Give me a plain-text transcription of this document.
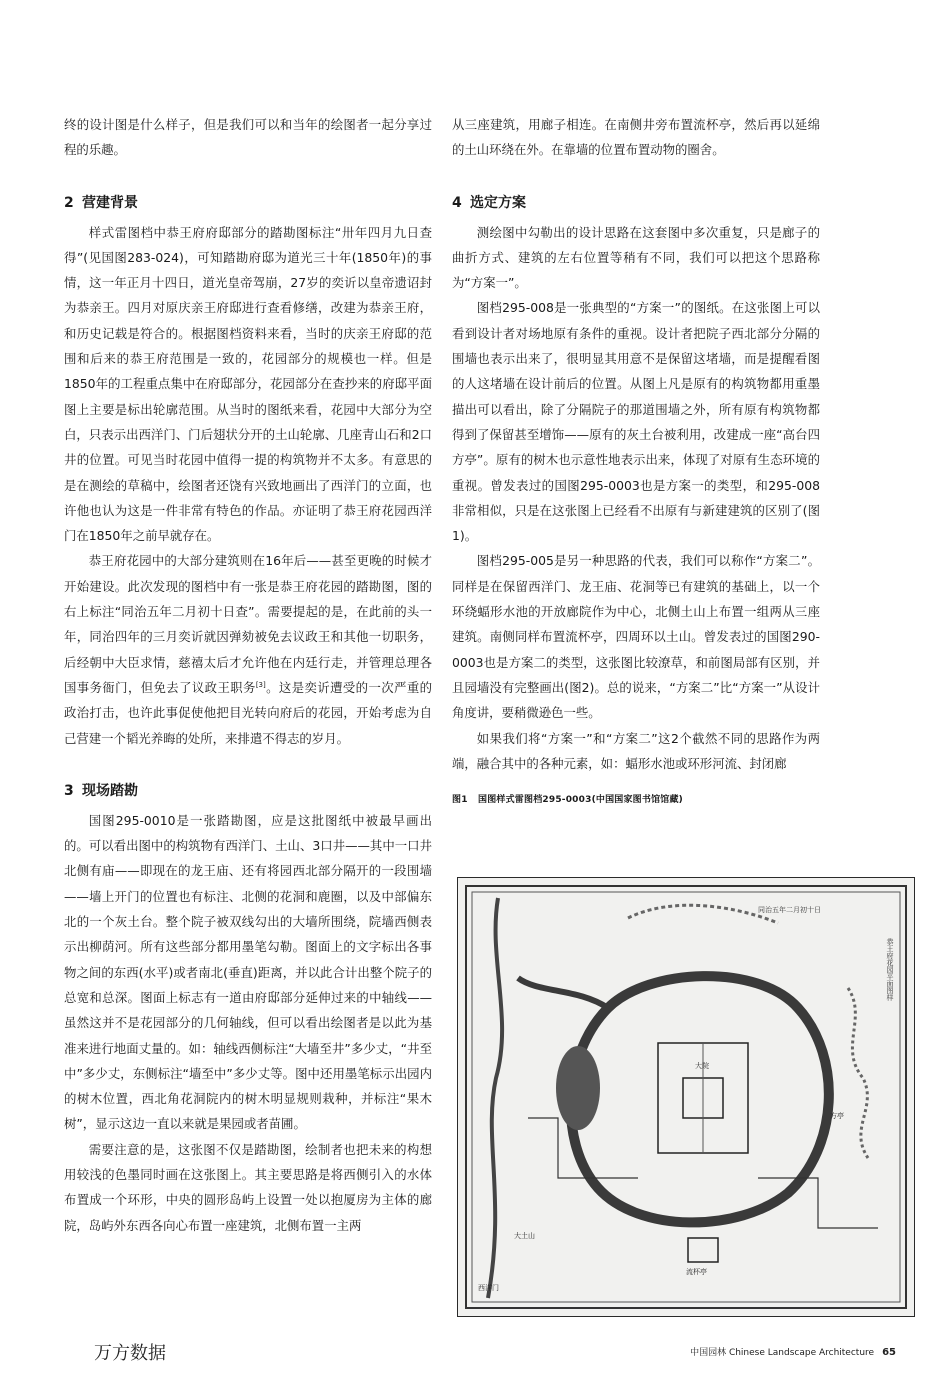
终的设计图是什么样子，但是我们可以和当年的绘图者一起分享过程的乐趣。

2 营建背景

样式雷图档中恭王府府邸部分的踏勘图标注“卅年四月九日查得”(见国图283-024)，可知踏勘府邸为道光三十年(1850年)的事情，这一年正月十四日，道光皇帝驾崩，27岁的奕䜣以皇帝遗诏封为恭亲王。四月对原庆亲王府邸进行查看修缮，改建为恭亲王府，和历史记载是符合的。根据图档资料来看，当时的庆亲王府邸的范围和后来的恭王府范围是一致的，花园部分的规模也一样。但是1850年的工程重点集中在府邸部分，花园部分在查抄来的府邸平面图上主要是标出轮廓范围。从当时的图纸来看，花园中大部分为空白，只表示出西洋门、门后翅状分开的土山轮廓、几座青山石和2口井的位置。可见当时花园中值得一提的构筑物并不太多。有意思的是在测绘的草稿中，绘图者还饶有兴致地画出了西洋门的立面，也许他也认为这是一件非常有特色的作品。亦证明了恭王府花园西洋门在1850年之前早就存在。

恭王府花园中的大部分建筑则在16年后——甚至更晚的时候才开始建设。此次发现的图档中有一张是恭王府花园的踏勘图，图的右上标注“同治五年二月初十日查”。需要提起的是，在此前的头一年，同治四年的三月奕䜣就因弹劾被免去议政王和其他一切职务，后经朝中大臣求情，慈禧太后才允许他在内廷行走，并管理总理各国事务衙门，但免去了议政王职务[3]。这是奕䜣遭受的一次严重的政治打击，也许此事促使他把目光转向府后的花园，开始考虑为自己营建一个韬光养晦的处所，来排遣不得志的岁月。

3 现场踏勘

国图295-0010是一张踏勘图，应是这批图纸中被最早画出的。可以看出图中的构筑物有西洋门、土山、3口井——其中一口井北侧有庙——即现在的龙王庙、还有将园西北部分隔开的一段围墙——墙上开门的位置也有标注、北侧的花洞和鹿圈，以及中部偏东北的一个灰土台。整个院子被双线勾出的大墙所围绕，院墙西侧表示出柳荫河。所有这些部分都用墨笔勾勒。图面上的文字标出各事物之间的东西(水平)或者南北(垂直)距离，并以此合计出整个院子的总宽和总深。图面上标志有一道由府邸部分延伸过来的中轴线——虽然这并不是花园部分的几何轴线，但可以看出绘图者是以此为基准来进行地面丈量的。如：轴线西侧标注“大墙至井”多少丈，“井至中”多少丈，东侧标注“墙至中”多少丈等。图中还用墨笔标示出园内的树木位置，西北角花洞院内的树木明显规则栽种，并标注“果木树”，显示这边一直以来就是果园或者苗圃。

需要注意的是，这张图不仅是踏勘图，绘制者也把未来的构想用较浅的色墨同时画在这张图上。其主要思路是将西侧引入的水体布置成一个环形，中央的圆形岛屿上设置一处以抱厦房为主体的廊院，岛屿外东西各向心布置一座建筑，北侧布置一主两

从三座建筑，用廊子相连。在南侧井旁布置流杯亭，然后再以延绵的土山环绕在外。在靠墙的位置布置动物的圈舍。

4 选定方案

测绘图中勾勒出的设计思路在这套图中多次重复，只是廊子的曲折方式、建筑的左右位置等稍有不同，我们可以把这个思路称为“方案一”。

图档295-008是一张典型的“方案一”的图纸。在这张图上可以看到设计者对场地原有条件的重视。设计者把院子西北部分分隔的围墙也表示出来了，很明显其用意不是保留这堵墙，而是提醒看图的人这堵墙在设计前后的位置。从图上凡是原有的构筑物都用重墨描出可以看出，除了分隔院子的那道围墙之外，所有原有构筑物都得到了保留甚至增饰——原有的灰土台被利用，改建成一座“高台四方亭”。原有的树木也示意性地表示出来，体现了对原有生态环境的重视。曾发表过的国图295-0003也是方案一的类型，和295-008非常相似，只是在这张图上已经看不出原有与新建建筑的区别了(图1)。

图档295-005是另一种思路的代表，我们可以称作“方案二”。同样是在保留西洋门、龙王庙、花洞等已有建筑的基础上，以一个环绕蝠形水池的开放廊院作为中心，北侧土山上布置一组两从三座建筑。南侧同样布置流杯亭，四周环以土山。曾发表过的国图290-0003也是方案二的类型，这张图比较潦草，和前图局部有区别，并且园墙没有完整画出(图2)。总的说来，“方案二”比“方案一”从设计角度讲，要稍微逊色一些。

如果我们将“方案一”和“方案二”这2个截然不同的思路作为两端，融合其中的各种元素，如：蝠形水池或环形河流、封闭廊

图1 国图样式雷图档295-0003(中国国家图书馆馆藏)
同治五年二月初十日
恭王府花园平面图样
大院
大土山
方亭
流杯亭
西洋门
万方数据	中国园林 Chinese Landscape Architecture 65
